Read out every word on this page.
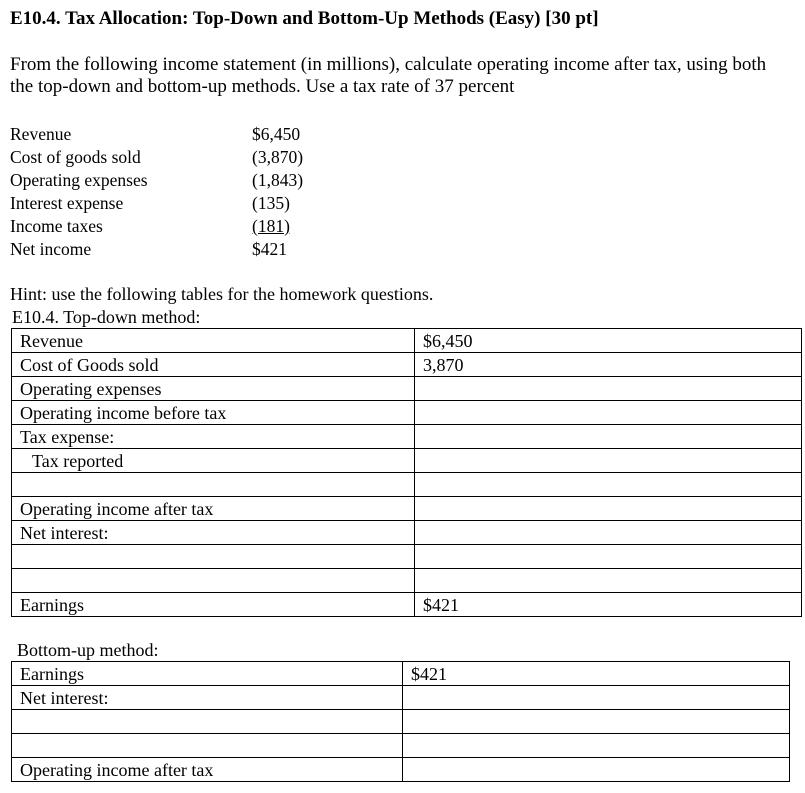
E10.4. Tax Allocation: Top-Down and Bottom-Up Methods (Easy) [30 pt]
From the following income statement (in millions), calculate operating income after tax, using both the top-down and bottom-up methods. Use a tax rate of 37 percent
Revenue	$6,450
Cost of goods sold	(3,870)
Operating expenses	(1,843)
Interest expense	(135)
Income taxes	(181)
Net income	$421
Hint: use the following tables for the homework questions.
E10.4. Top-down method:
Revenue	$6,450
Cost of Goods sold	3,870
Operating expenses	
Operating income before tax	
Tax expense:	
Tax reported	

Operating income after tax	
Net interest:	

Earnings	$421
Bottom-up method:
Earnings	$421
Net interest:	

Operating income after tax	
